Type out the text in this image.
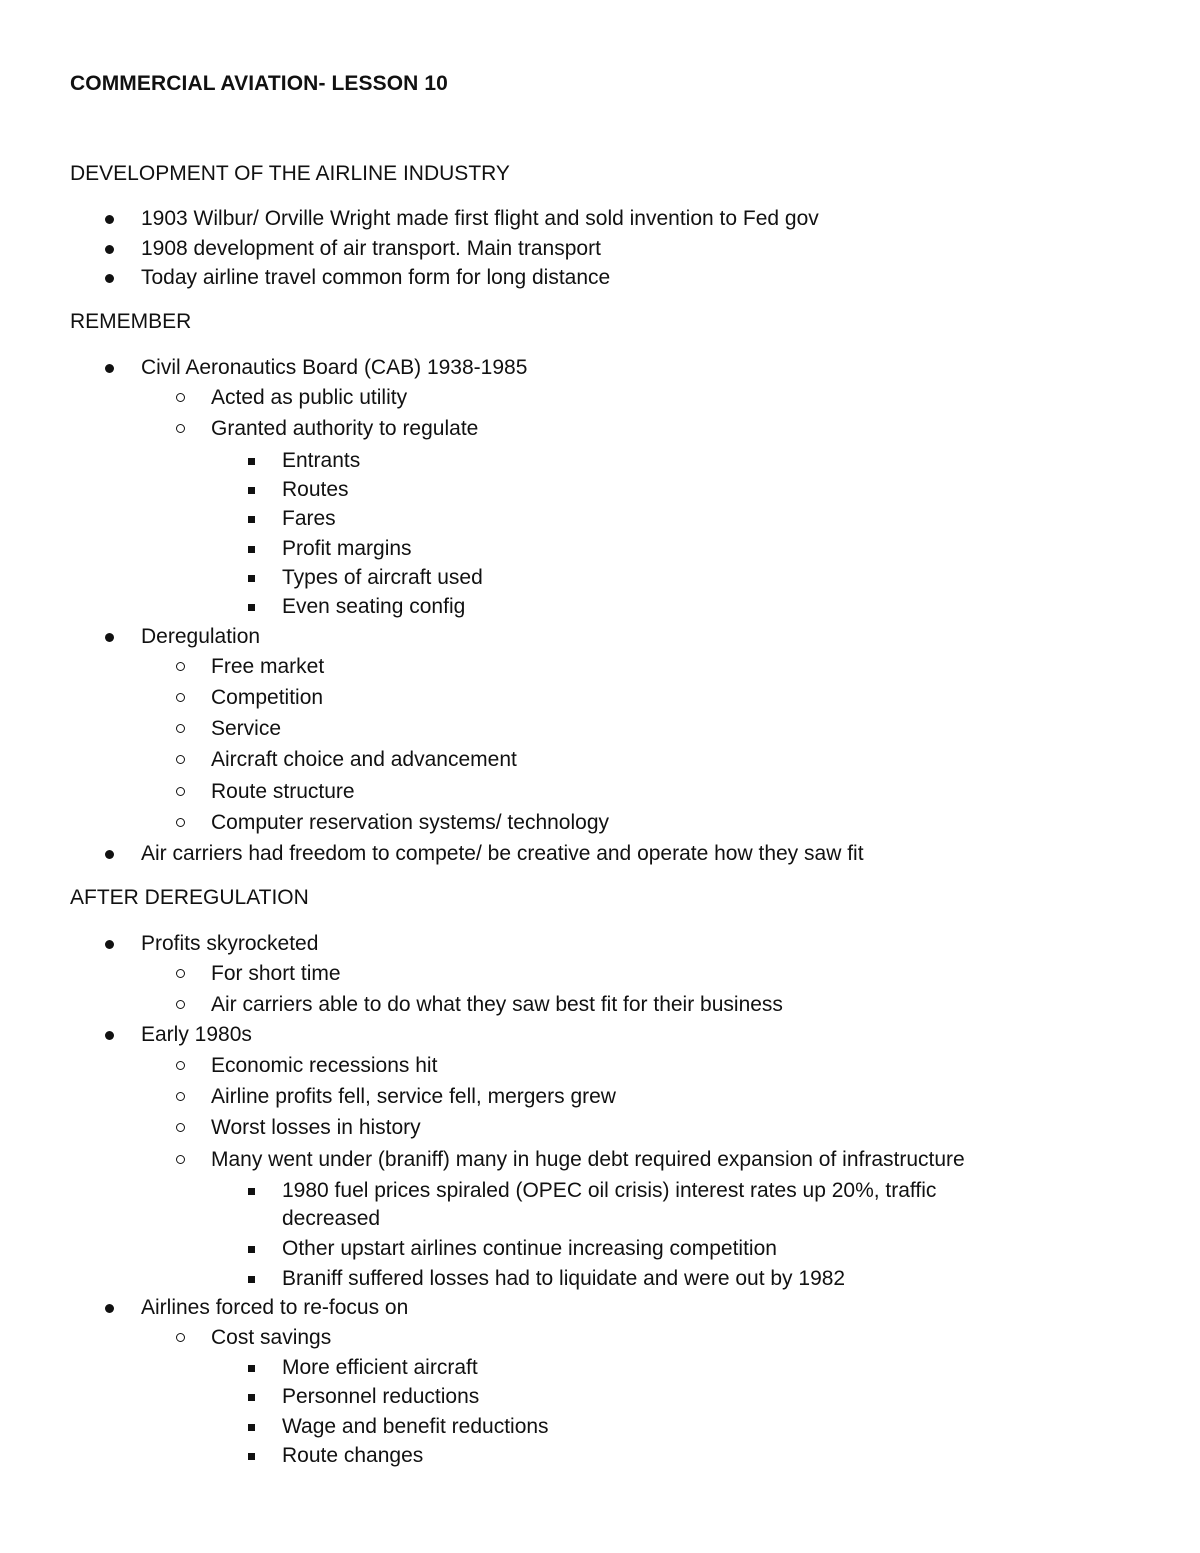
COMMERCIAL AVIATION- LESSON 10
DEVELOPMENT OF THE AIRLINE INDUSTRY
1903 Wilbur/ Orville Wright made first flight and sold invention to Fed gov
1908 development of air transport. Main transport
Today airline travel common form for long distance
REMEMBER
Civil Aeronautics Board (CAB) 1938-1985
Acted as public utility
Granted authority to regulate
Entrants
Routes
Fares
Profit margins
Types of aircraft used
Even seating config
Deregulation
Free market
Competition
Service
Aircraft choice and advancement
Route structure
Computer reservation systems/ technology
Air carriers had freedom to compete/ be creative and operate how they saw fit
AFTER DEREGULATION
Profits skyrocketed
For short time
Air carriers able to do what they saw best fit for their business
Early 1980s
Economic recessions hit
Airline profits fell, service fell, mergers grew
Worst losses in history
Many went under (braniff) many in huge debt required expansion of infrastructure
1980 fuel prices spiraled (OPEC oil crisis) interest rates up 20%, traffic
decreased
Other upstart airlines continue increasing competition
Braniff suffered losses had to liquidate and were out by 1982
Airlines forced to re-focus on
Cost savings
More efficient aircraft
Personnel reductions
Wage and benefit reductions
Route changes
